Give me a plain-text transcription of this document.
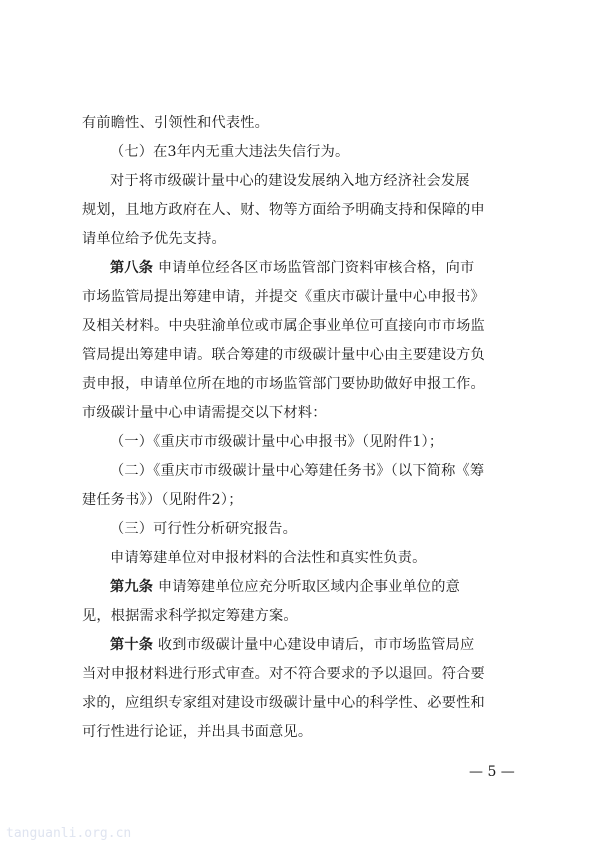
有前瞻性、引领性和代表性。
（七）在3年内无重大违法失信行为。
对于将市级碳计量中心的建设发展纳入地方经济社会发展
规划，且地方政府在人、财、物等方面给予明确支持和保障的申
请单位给予优先支持。
第八条 申请单位经各区市场监管部门资料审核合格，向市
市场监管局提出筹建申请，并提交《重庆市碳计量中心申报书》
及相关材料。中央驻渝单位或市属企事业单位可直接向市市场监
管局提出筹建申请。联合筹建的市级碳计量中心由主要建设方负
责申报，申请单位所在地的市场监管部门要协助做好申报工作。
市级碳计量中心申请需提交以下材料：
（一）《重庆市市级碳计量中心申报书》（见附件1）；
（二）《重庆市市级碳计量中心筹建任务书》（以下简称《筹
建任务书》）（见附件2）；
（三）可行性分析研究报告。
申请筹建单位对申报材料的合法性和真实性负责。
第九条 申请筹建单位应充分听取区域内企事业单位的意
见，根据需求科学拟定筹建方案。
第十条 收到市级碳计量中心建设申请后，市市场监管局应
当对申报材料进行形式审查。对不符合要求的予以退回。符合要
求的，应组织专家组对建设市级碳计量中心的科学性、必要性和
可行性进行论证，并出具书面意见。
— 5 —
tanguanli.org.cn
